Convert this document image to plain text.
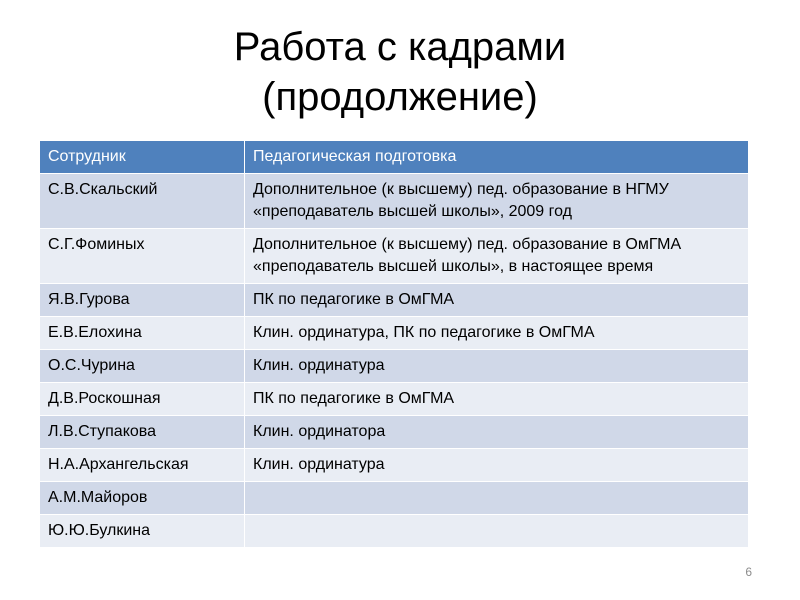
Работа с кадрами
(продолжение)
Сотрудник	Педагогическая подготовка
С.В.Скальский	Дополнительное (к высшему) пед. образование в НГМУ «преподаватель высшей школы», 2009 год
С.Г.Фоминых	Дополнительное (к высшему) пед. образование в ОмГМА «преподаватель высшей школы», в настоящее время
Я.В.Гурова	ПК по педагогике в ОмГМА
Е.В.Елохина	Клин. ординатура, ПК по педагогике в ОмГМА
О.С.Чурина	Клин. ординатура
Д.В.Роскошная	ПК по педагогике в ОмГМА
Л.В.Ступакова	Клин. ординатора
Н.А.Архангельская	Клин. ординатура
А.М.Майоров	
Ю.Ю.Булкина	
6
